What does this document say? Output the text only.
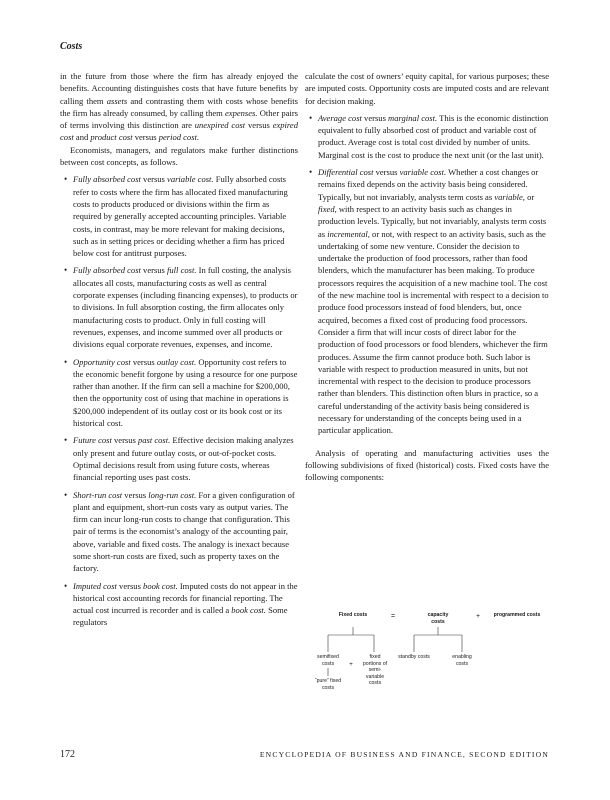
Costs

in the future from those where the firm has already enjoyed the benefits. Accounting distinguishes costs that have future benefits by calling them assets and contrasting them with costs whose benefits the firm has already consumed, by calling them expenses. Other pairs of terms involving this distinction are unexpired cost versus expired cost and product cost versus period cost.

Economists, managers, and regulators make further distinctions between cost concepts, as follows.

• Fully absorbed cost versus variable cost. Fully absorbed costs refer to costs where the firm has allocated fixed manufacturing costs to products produced or divisions within the firm as required by generally accepted accounting principles. Variable costs, in contrast, may be more relevant for making decisions, such as in setting prices or deciding whether a firm has priced below cost for antitrust purposes.
• Fully absorbed cost versus full cost. In full costing, the analysis allocates all costs, manufacturing costs as well as central corporate expenses (including financing expenses), to products or to divisions. In full absorption costing, the firm allocates only manufacturing costs to product. Only in full costing will revenues, expenses, and income summed over all products or divisions equal corporate revenues, expenses, and income.
• Opportunity cost versus outlay cost. Opportunity cost refers to the economic benefit forgone by using a resource for one purpose rather than another. If the firm can sell a machine for $200,000, then the opportunity cost of using that machine in operations is $200,000 independent of its outlay cost or its book cost or its historical cost.
• Future cost versus past cost. Effective decision making analyzes only present and future outlay costs, or out-of-pocket costs. Optimal decisions result from using future costs, whereas financial reporting uses past costs.
• Short-run cost versus long-run cost. For a given configuration of plant and equipment, short-run costs vary as output varies. The firm can incur long-run costs to change that configuration. This pair of terms is the economist’s analogy of the accounting pair, above, variable and fixed costs. The analogy is inexact because some short-run costs are fixed, such as property taxes on the factory.
• Imputed cost versus book cost. Imputed costs do not appear in the historical cost accounting records for financial reporting. The actual cost incurred is recorder and is called a book cost. Some regulators

calculate the cost of owners’ equity capital, for various purposes; these are imputed costs. Opportunity costs are imputed costs and are relevant for decision making.

• Average cost versus marginal cost. This is the economic distinction equivalent to fully absorbed cost of product and variable cost of product. Average cost is total cost divided by number of units. Marginal cost is the cost to produce the next unit (or the last unit).
• Differential cost versus variable cost. Whether a cost changes or remains fixed depends on the activity basis being considered. Typically, but not invariably, analysts term costs as variable, or fixed, with respect to an activity basis such as changes in production levels. Typically, but not invariably, analysts term costs as incremental, or not, with respect to an activity basis, such as the undertaking of some new venture. Consider the decision to undertake the production of food processors, rather than food blenders, which the manufacturer has been making. To produce processors requires the acquisition of a new machine tool. The cost of the new machine tool is incremental with respect to a decision to produce food processors instead of food blenders, but, once acquired, becomes a fixed cost of producing food processors. Consider a firm that will incur costs of direct labor for the production of food processors or food blenders, whichever the firm produces. Assume the firm cannot produce both. Such labor is variable with respect to production measured in units, but not incremental with respect to the decision to produce processors rather than blenders. This distinction often blurs in practice, so a careful understanding of the activity basis being considered is necessary for understanding of the concepts being used in a particular application.

Analysis of operating and manufacturing activities uses the following subdivisions of fixed (historical) costs. Fixed costs have the following components:

Fixed costs	=	capacity costs
+	programmed costs
semifixed costs	+
fixed portions of semi-variable costs
standby costs	enabling costs
“pure” fixed costs
172	ENCYCLOPEDIA OF BUSINESS AND FINANCE, SECOND EDITION
